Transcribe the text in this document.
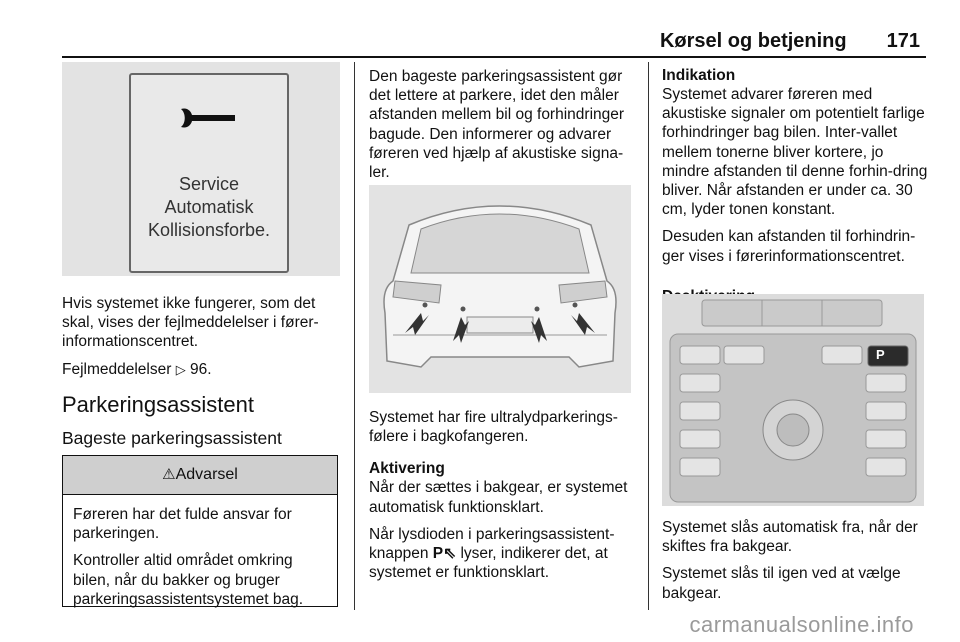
Kørsel og betjening 171
Service
Automatisk
Kollisionsforbe.

Hvis systemet ikke fungerer, som det skal, vises der fejlmeddelelser i fører-informationscentret.

Fejlmeddelelser ▷ 96.

Parkeringsassistent
Bageste parkeringsassistent
⚠Advarsel

Føreren har det fulde ansvar for parkeringen.

Kontroller altid området omkring bilen, når du bakker og bruger parkeringsassistentsystemet bag.

Den bageste parkeringsassistent gør det lettere at parkere, idet den måler afstanden mellem bil og forhindringer bagude. Den informerer og advarer føreren ved hjælp af akustiske signa-ler.

Systemet har fire ultralydparkerings-følere i bagkofangeren.

Aktivering

Når der sættes i bakgear, er systemet automatisk funktionsklart.

Når lysdioden i parkeringsassistent-knappen P⇖ lyser, indikerer det, at systemet er funktionsklart.

Indikation

Systemet advarer føreren med akustiske signaler om potentielt farlige forhindringer bag bilen. Inter-vallet mellem tonerne bliver kortere, jo mindre afstanden til denne forhin-dring bliver. Når afstanden er under ca. 30 cm, lyder tonen konstant.

Desuden kan afstanden til forhindrin-ger vises i førerinformationscentret.

P

Systemet slås automatisk fra, når der skiftes fra bakgear.

Systemet slås til igen ved at vælge bakgear.

carmanualsonline.info
